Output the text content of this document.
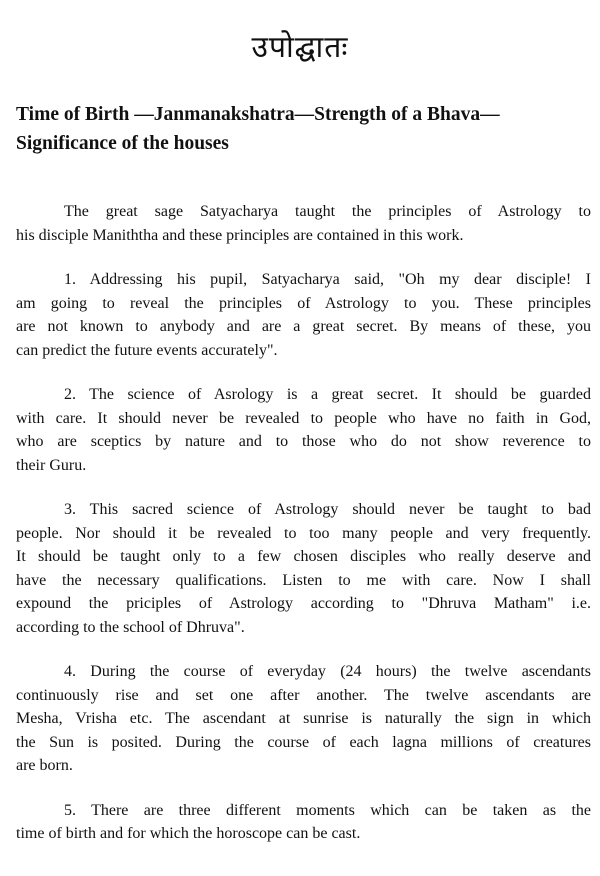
उपोद्घातः
Time of Birth —Janmanakshatra—Strength of a Bhava—
Significance of the houses

The great sage Satyacharya taught the principles of Astrology to
his disciple Maniththa and these principles are contained in this work.

1. Addressing his pupil, Satyacharya said, "Oh my dear disciple! I
am going to reveal the principles of Astrology to you. These principles
are not known to anybody and are a great secret. By means of these, you
can predict the future events accurately".

2. The science of Asrology is a great secret. It should be guarded
with care. It should never be revealed to people who have no faith in God,
who are sceptics by nature and to those who do not show reverence to
their Guru.

3. This sacred science of Astrology should never be taught to bad
people. Nor should it be revealed to too many people and very frequently.
It should be taught only to a few chosen disciples who really deserve and
have the necessary qualifications. Listen to me with care. Now I shall
expound the priciples of Astrology according to "Dhruva Matham" i.e.
according to the school of Dhruva".

4. During the course of everyday (24 hours) the twelve ascendants
continuously rise and set one after another. The twelve ascendants are
Mesha, Vrisha etc. The ascendant at sunrise is naturally the sign in which
the Sun is posited. During the course of each lagna millions of creatures
are born.

5. There are three different moments which can be taken as the
time of birth and for which the horoscope can be cast.
